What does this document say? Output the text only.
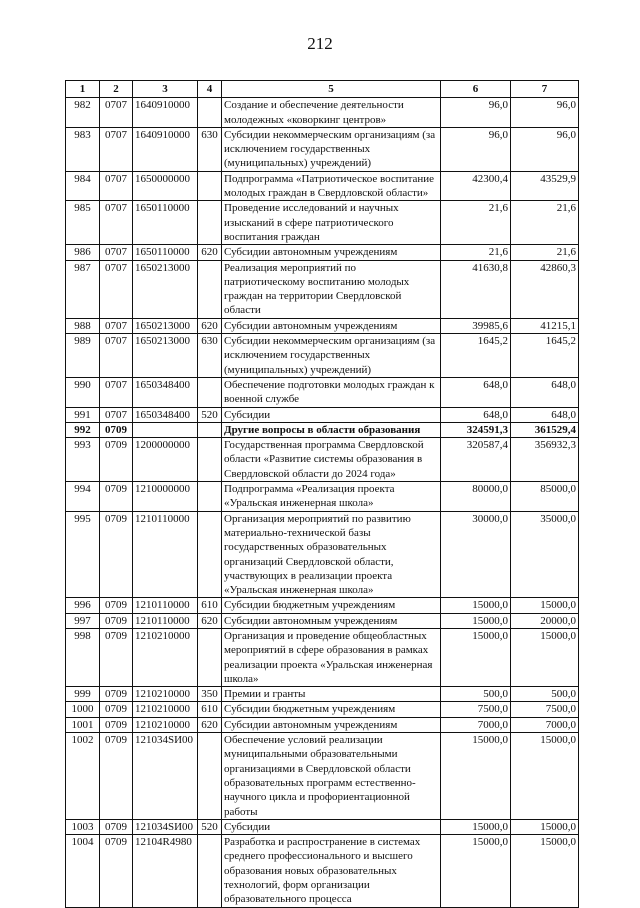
212
1	2	3	4	5	6	7
982	0707	1640910000		Создание и обеспечение деятельности молодежных «коворкинг центров»	96,0	96,0
983	0707	1640910000	630	Субсидии некоммерческим организациям (за исключением государственных (муниципальных) учреждений)	96,0	96,0
984	0707	1650000000		Подпрограмма «Патриотическое воспитание молодых граждан в Свердловской области»	42300,4	43529,9
985	0707	1650110000		Проведение исследований и научных изысканий в сфере патриотического воспитания граждан	21,6	21,6
986	0707	1650110000	620	Субсидии автономным учреждениям	21,6	21,6
987	0707	1650213000		Реализация мероприятий по патриотическому воспитанию молодых граждан на территории Свердловской области	41630,8	42860,3
988	0707	1650213000	620	Субсидии автономным учреждениям	39985,6	41215,1
989	0707	1650213000	630	Субсидии некоммерческим организациям (за исключением государственных (муниципальных) учреждений)	1645,2	1645,2
990	0707	1650348400		Обеспечение подготовки молодых граждан к военной службе	648,0	648,0
991	0707	1650348400	520	Субсидии	648,0	648,0
992	0709			Другие вопросы в области образования	324591,3	361529,4
993	0709	1200000000		Государственная программа Свердловской области «Развитие системы образования в Свердловской области до 2024 года»	320587,4	356932,3
994	0709	1210000000		Подпрограмма «Реализация проекта «Уральская инженерная школа»	80000,0	85000,0
995	0709	1210110000		Организация мероприятий по развитию материально-технической базы государственных образовательных организаций Свердловской области, участвующих в реализации проекта «Уральская инженерная школа»	30000,0	35000,0
996	0709	1210110000	610	Субсидии бюджетным учреждениям	15000,0	15000,0
997	0709	1210110000	620	Субсидии автономным учреждениям	15000,0	20000,0
998	0709	1210210000		Организация и проведение общеобластных мероприятий в сфере образования в рамках реализации проекта «Уральская инженерная школа»	15000,0	15000,0
999	0709	1210210000	350	Премии и гранты	500,0	500,0
1000	0709	1210210000	610	Субсидии бюджетным учреждениям	7500,0	7500,0
1001	0709	1210210000	620	Субсидии автономным учреждениям	7000,0	7000,0
1002	0709	121034SИ00		Обеспечение условий реализации муниципальными образовательными организациями в Свердловской области образовательных программ естественно-научного цикла и профориентационной работы	15000,0	15000,0
1003	0709	121034SИ00	520	Субсидии	15000,0	15000,0
1004	0709	12104R4980		Разработка и распространение в системах среднего профессионального и высшего образования новых образовательных технологий, форм организации образовательного процесса	15000,0	15000,0
